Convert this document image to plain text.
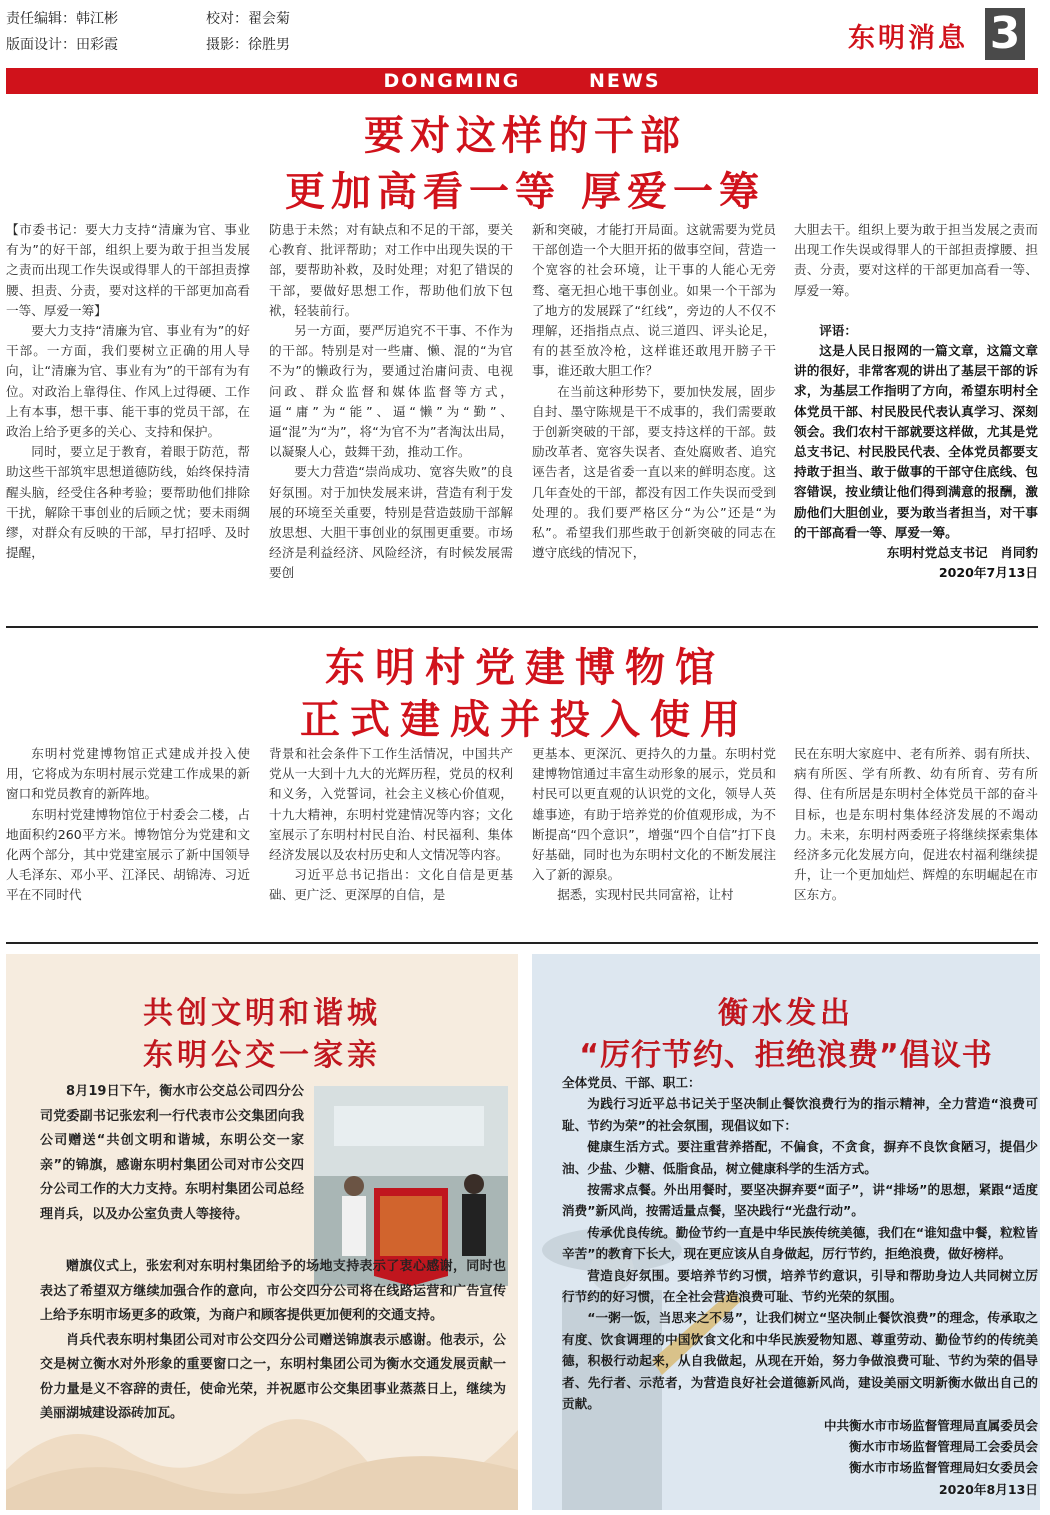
责任编辑：韩江彬	校对：翟会菊
版面设计：田彩霞	摄影：徐胜男	东明消息 3
DONGMING	NEWS
要对这样的干部
更加高看一等 厚爱一筹

【市委书记：要大力支持“清廉为官、事业有为”的好干部，组织上要为敢于担当发展之责而出现工作失误或得罪人的干部担责撑腰、担责、分责，要对这样的干部更加高看一等、厚爱一筹】

要大力支持“清廉为官、事业有为”的好干部。一方面，我们要树立正确的用人导向，让“清廉为官、事业有为”的干部有为有位。对政治上靠得住、作风上过得硬、工作上有本事，想干事、能干事的党员干部，在政治上给予更多的关心、支持和保护。

同时，要立足于教育，着眼于防范，帮助这些干部筑牢思想道德防线，始终保持清醒头脑，经受住各种考验；要帮助他们排除干扰，解除干事创业的后顾之忧；要未雨绸缪，对群众有反映的干部，早打招呼、及时提醒，

防患于未然；对有缺点和不足的干部，要关心教育、批评帮助；对工作中出现失误的干部，要帮助补救，及时处理；对犯了错误的干部，要做好思想工作，帮助他们放下包袱，轻装前行。

另一方面，要严厉追究不干事、不作为的干部。特别是对一些庸、懒、混的“为官不为”的懒政行为，要通过治庸问责、电视问政、群众监督和媒体监督等方式，逼“庸”为“能”、逼“懒”为“勤”、逼“混”为“为”，将“为官不为”者淘汰出局，以凝聚人心，鼓舞干劲，推动工作。

要大力营造“崇尚成功、宽容失败”的良好氛围。对于加快发展来讲，营造有利于发展的环境至关重要，特别是营造鼓励干部解放思想、大胆干事创业的氛围更重要。市场经济是利益经济、风险经济，有时候发展需要创

新和突破，才能打开局面。这就需要为党员干部创造一个大胆开拓的做事空间，营造一个宽容的社会环境，让干事的人能心无旁骛、毫无担心地干事创业。如果一个干部为了地方的发展踩了“红线”，旁边的人不仅不理解，还指指点点、说三道四、评头论足，有的甚至放冷枪，这样谁还敢甩开膀子干事，谁还敢大胆工作？

在当前这种形势下，要加快发展，固步自封、墨守陈规是干不成事的，我们需要敢于创新突破的干部，要支持这样的干部。鼓励改革者、宽容失误者、查处腐败者、追究诬告者，这是省委一直以来的鲜明态度。这几年查处的干部，都没有因工作失误而受到处理的。我们要严格区分“为公”还是“为私”。希望我们那些敢于创新突破的同志在遵守底线的情况下，

大胆去干。组织上要为敢于担当发展之责而出现工作失误或得罪人的干部担责撑腰、担责、分责，要对这样的干部更加高看一等、厚爱一筹。

评语：

这是人民日报网的一篇文章，这篇文章讲的很好，非常客观的讲出了基层干部的诉求，为基层工作指明了方向，希望东明村全体党员干部、村民股民代表认真学习、深刻领会。我们农村干部就要这样做，尤其是党总支书记、村民股民代表、全体党员都要支持敢于担当、敢于做事的干部守住底线、包容错误，按业绩让他们得到满意的报酬，激励他们大胆创业，要为敢当者担当，对干事的干部高看一等、厚爱一筹。

东明村党总支书记　肖同豹

2020年7月13日

东明村党建博物馆
正式建成并投入使用

东明村党建博物馆正式建成并投入使用，它将成为东明村展示党建工作成果的新窗口和党员教育的新阵地。

东明村党建博物馆位于村委会二楼，占地面积约260平方米。博物馆分为党建和文化两个部分，其中党建室展示了新中国领导人毛泽东、邓小平、江泽民、胡锦涛、习近平在不同时代

背景和社会条件下工作生活情况，中国共产党从一大到十九大的光辉历程，党员的权利和义务，入党誓词，社会主义核心价值观，十九大精神，东明村党建情况等内容；文化室展示了东明村村民自治、村民福利、集体经济发展以及农村历史和人文情况等内容。

习近平总书记指出：文化自信是更基础、更广泛、更深厚的自信，是

更基本、更深沉、更持久的力量。东明村党建博物馆通过丰富生动形象的展示，党员和村民可以更直观的认识党的文化，领导人英雄事迹，有助于培养党的价值观形成，为不断提高“四个意识”，增强“四个自信”打下良好基础，同时也为东明村文化的不断发展注入了新的源泉。

据悉，实现村民共同富裕，让村

民在东明大家庭中、老有所养、弱有所扶、病有所医、学有所教、幼有所育、劳有所得、住有所居是东明村全体党员干部的奋斗目标，也是东明村集体经济发展的不竭动力。未来，东明村两委班子将继续探索集体经济多元化发展方向，促进农村福利继续提升，让一个更加灿烂、辉煌的东明崛起在市区东方。

共创文明和谐城
东明公交一家亲

8月19日下午，衡水市公交总公司四分公司党委副书记张宏利一行代表市公交集团向我公司赠送“共创文明和谐城，东明公交一家亲”的锦旗，感谢东明村集团公司对市公交四分公司工作的大力支持。东明村集团公司总经理肖兵，以及办公室负责人等接待。

赠旗仪式上，张宏利对东明村集团给予的场地支持表示了衷心感谢，同时也表达了希望双方继续加强合作的意向，市公交四分公司将在线路运营和广告宣传上给予东明市场更多的政策，为商户和顾客提供更加便利的交通支持。

肖兵代表东明村集团公司对市公交四分公司赠送锦旗表示感谢。他表示，公交是树立衡水对外形象的重要窗口之一，东明村集团公司为衡水交通发展贡献一份力量是义不容辞的责任，使命光荣，并祝愿市公交集团事业蒸蒸日上，继续为美丽湖城建设添砖加瓦。

衡水发出
“厉行节约、拒绝浪费”倡议书

全体党员、干部、职工：

为践行习近平总书记关于坚决制止餐饮浪费行为的指示精神，全力营造“浪费可耻、节约为荣”的社会氛围，现倡议如下：

健康生活方式。要注重营养搭配，不偏食，不贪食，摒弃不良饮食陋习，提倡少油、少盐、少糖、低脂食品，树立健康科学的生活方式。

按需求点餐。外出用餐时，要坚决摒弃要“面子”，讲“排场”的思想，紧跟“适度消费”新风尚，按需适量点餐，坚决践行“光盘行动”。

传承优良传统。勤俭节约一直是中华民族传统美德，我们在“谁知盘中餐，粒粒皆辛苦”的教育下长大，现在更应该从自身做起，厉行节约，拒绝浪费，做好榜样。

营造良好氛围。要培养节约习惯，培养节约意识，引导和帮助身边人共同树立厉行节约的好习惯，在全社会营造浪费可耻、节约光荣的氛围。

“一粥一饭，当思来之不易”，让我们树立“坚决制止餐饮浪费”的理念，传承取之有度、饮食调理的中国饮食文化和中华民族爱物知恩、尊重劳动、勤俭节约的传统美德，积极行动起来，从自我做起，从现在开始，努力争做浪费可耻、节约为荣的倡导者、先行者、示范者，为营造良好社会道德新风尚，建设美丽文明新衡水做出自己的贡献。

中共衡水市市场监督管理局直属委员会

衡水市市场监督管理局工会委员会

衡水市市场监督管理局妇女委员会

2020年8月13日
